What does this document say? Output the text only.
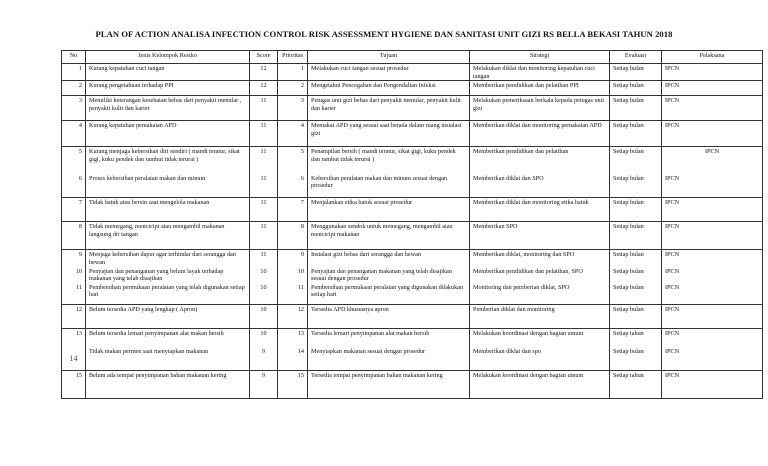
PLAN OF ACTION ANALISA INFECTION CONTROL RISK ASSESSMENT HYGIENE DAN SANITASI UNIT GIZI RS BELLA BEKASI TAHUN 2018
No	Jenis Kelompok Resiko	Score	Prioritas	Tujuan	Strategi	Evaluasi	Pelaksana
1	Kurang kepatuhan cuci tangan	12	1	Melakukan cuci tangan sesuai prosedur	Melakukan diklat dan monitoring kepatuhan cuci tangan	Setiap bulan	IPCN
2	Kurang pengetahuan terhadap PPI	12	2	Mengetahui Pencegahan dan Pengendalian Infeksi	Memberikan pendidikan dan pelatihan PPI	Setiap bulan	IPCN
3	Memiliki keterangan kesehatan bebas dari penyakit menular , penyakit kulit dan karier	11	3	Petugas unit gizi bebas dari penyakit menular, penyakit kulit dan karier	Melakukan pemeriksaan berkala kepada petugas unit gizi	Setiap bulan	IPCN
4	Kurang kepatuhan pemakaian APD	11	4	Memakai APD yang sesuai saat berada dalam ruang instalasi gizi	Memberikan diklat dan monitoring pemakaian APD	Setiap bulan	IPCN
5	Kurang menjaga kebersihan diri sendiri ( mandi teratur, sikat gigi, kuku pendek dan rambut tidak terurai )	11	5	Penampilan bersih ( mandi teratur, sikat gigi, kuku pendek dan rambut tidak terurai )	Memberikan pendidikan dan pelatihan	Setiap bulan	IPCN
6	Proses kebersihan peralatan makan dan minum	11	6	Kebersihan peralatan makan dan minum sesuai dengan prosedur	Memberikan diklat dan SPO	Setiap bulan	IPCN
7	Tidak batuk atau bersin saat mengelola makanan	11	7	Menjalankan etika batuk sesuai prosedur	Memberikan diklat dan monitoring etika batuk	Setiap bulan	IPCN
8	Tidak memegang, mencicipi atau mengambil makanan langsung dri tangan	11	8	Menggunakan sendok untuk memegang, mengambil atau mencicipi makanan	Memberikan SPO	Setiap bulan	IPCN
9	Menjaga kebersihan dapur agar terhindar dari serangga dan hewan	11	9	Instalasi gizi bebas dari serangga dan hewan	Memberikan diklat, monitoring dan SPO	Setiap bulan	IPCN
10	Penyajian dan penanganan yang belum layak terhadap makanan yang telah disajikan	10	10	Penyajian dan penanganan makanan yang telah disajikan sesuai dengan prosedur	Memberikan pendidikan dan pelatihan, SPO	Setiap bulan	IPCN
11	Pembersihan permukaan peralatan yang telah digunakan setiap hari	10	11	Pembersihan permukaan peralatan yang digunakan dilakukan setiap hari	Monitoring dan pemberian diklat, SPO	Setiap bulan	IPCN
12	Belum tersedia APD yang lengkap ( Apron)	10	12	Tersedia APD khususnya apron	Pemberian diklat dan monitoring	Setiap bulan	IPCN
13	Belum tersedia lemari penyimpanan alat makan bersih	10	13	Tersedia lemari penyimpanan alat makan bersih	Melakukan koordinasi dengan bagian umum	Setiap tahun	IPCN
14	Tidak makan permen saat menyiapkan makanan	9	14	Menyiapkan makanan sesuai dengan prosedur	Memberikan diklat dan spo	Setiap bulan	IPCN
15	Belum ada tempat penyimpanan bahan makanan kering	9	15	Tersedia tempat penyimpanan bahan makanan kering	Melakukan koordinasi dengan bagian umum	Setiap tahun	IPCN
